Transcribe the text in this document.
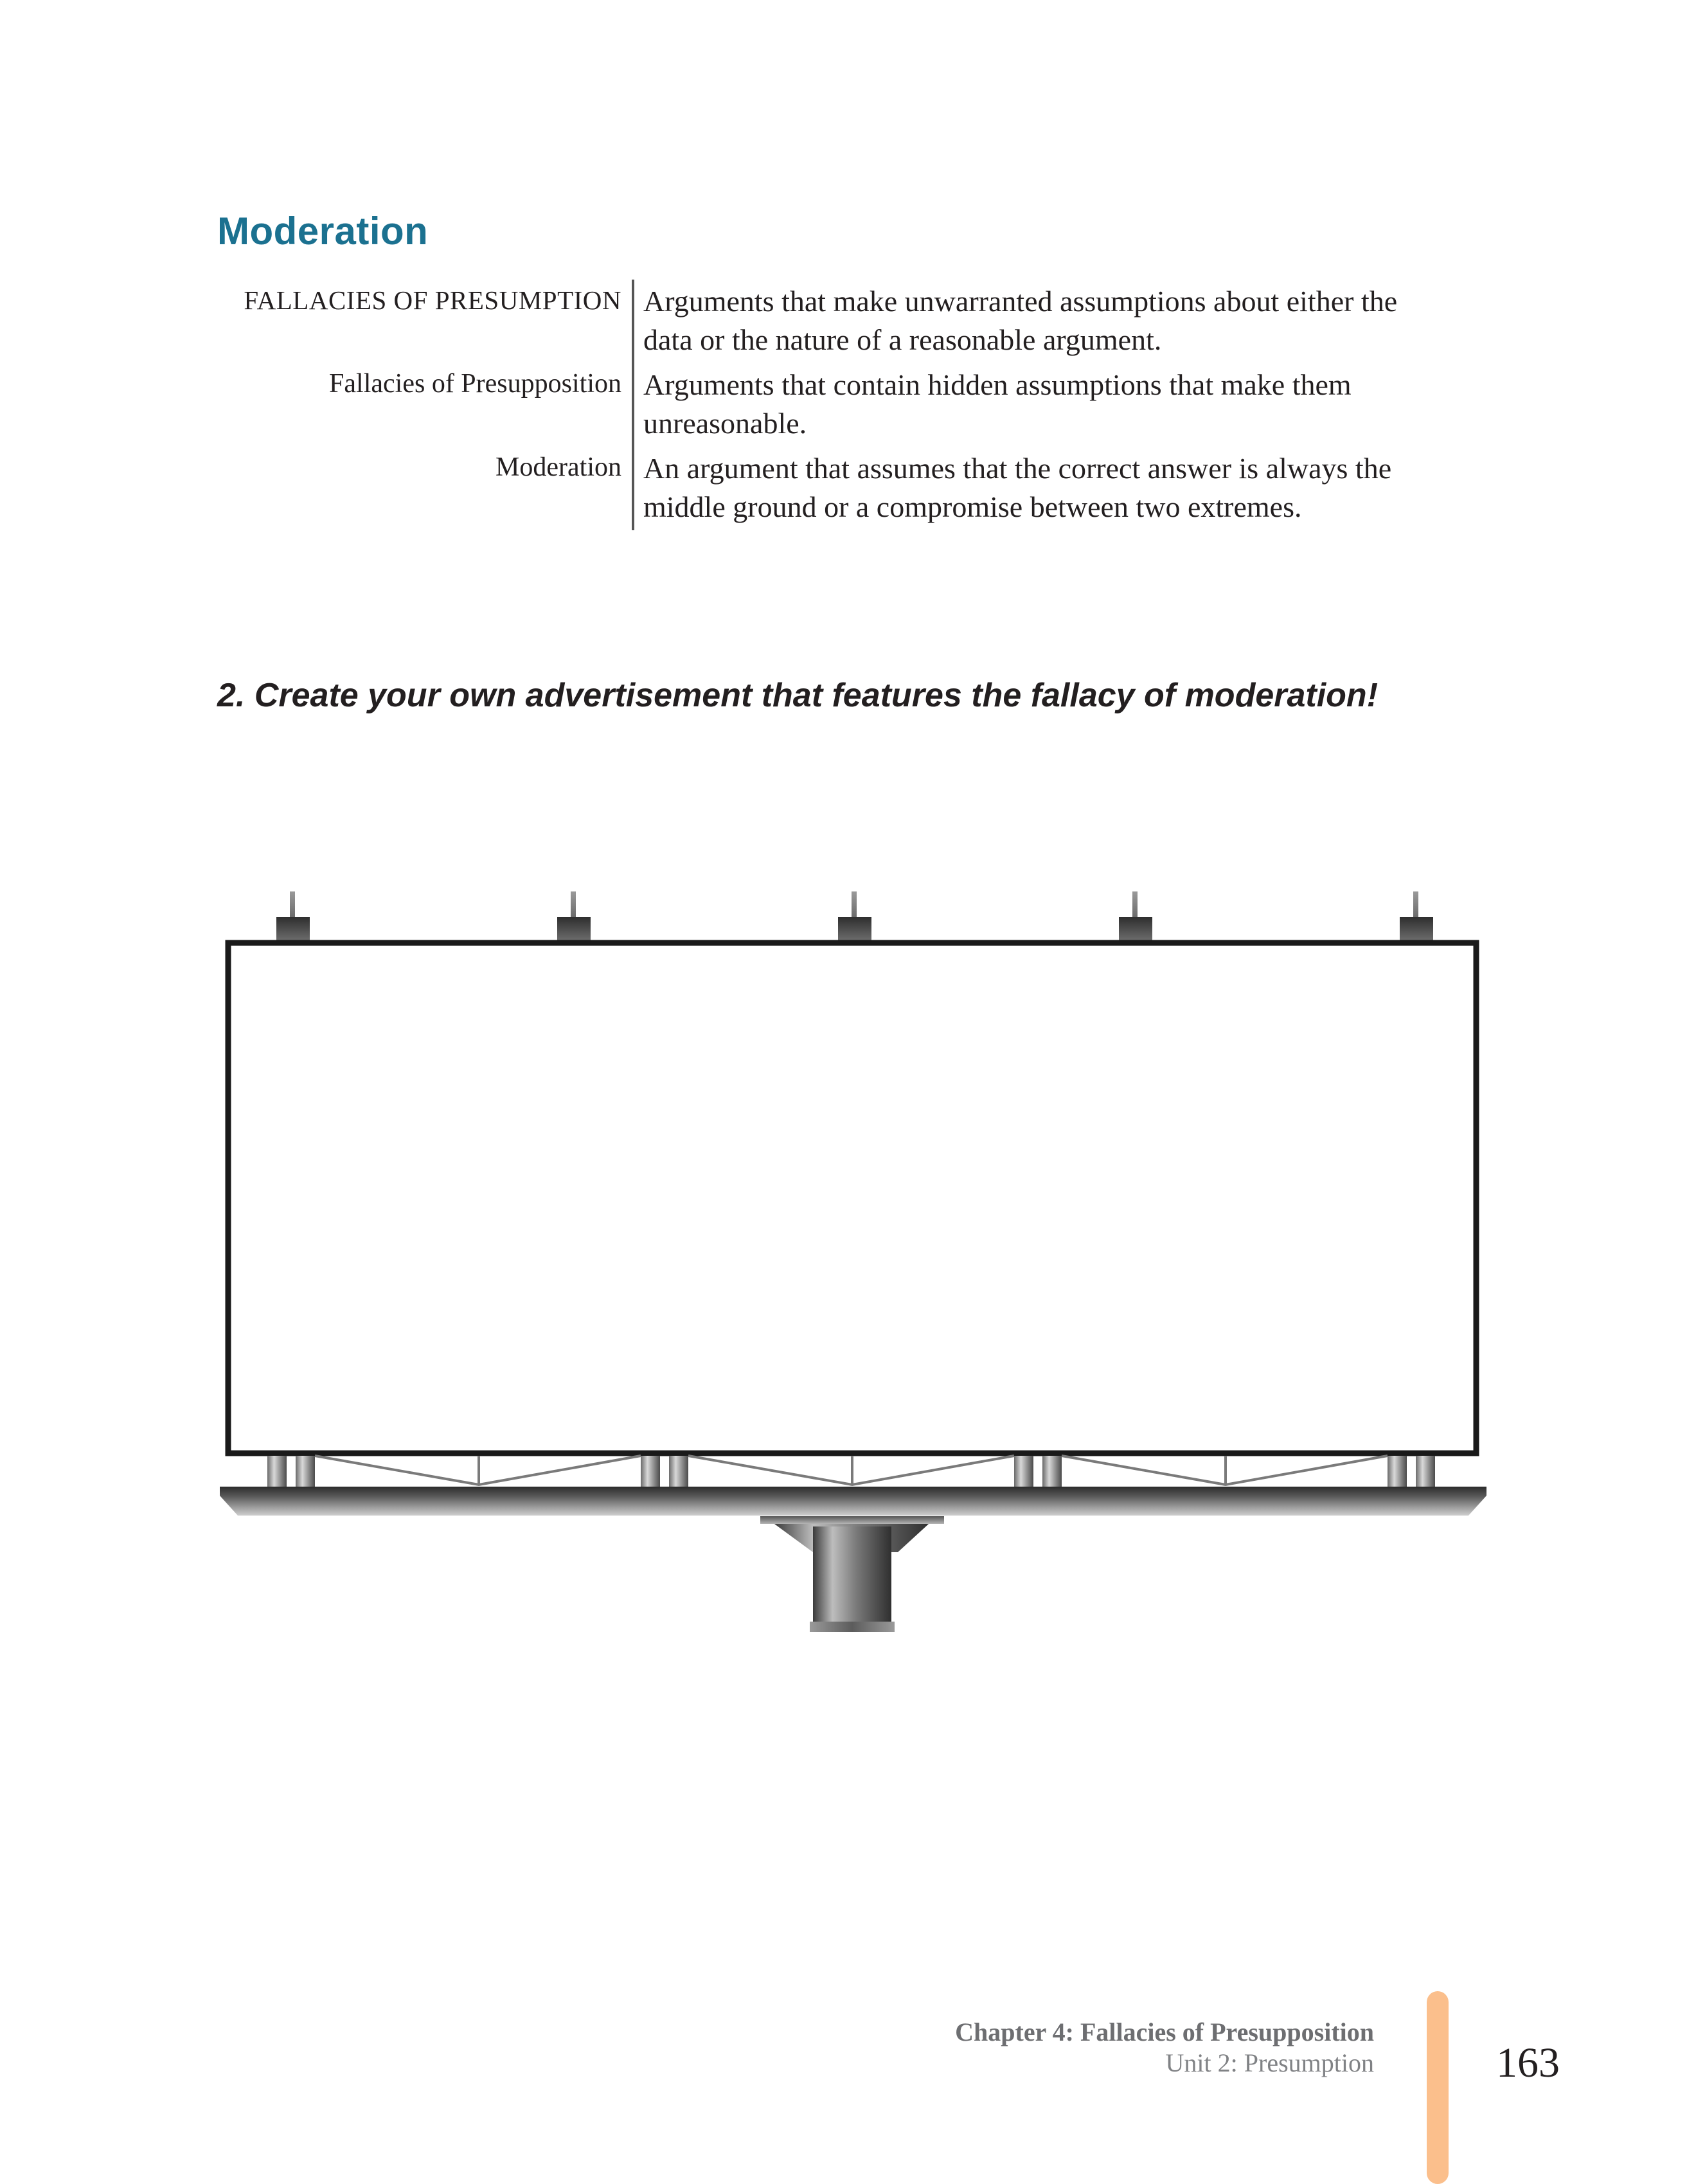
Moderation
FALLACIES OF PRESUMPTION Arguments that make unwarranted assumptions about either the data or the nature of a reasonable argument.
Fallacies of Presupposition Arguments that contain hidden assumptions that make them unreasonable.
Moderation An argument that assumes that the correct answer is always the middle ground or a compromise between two extremes.
2. Create your own advertisement that features the fallacy of moderation!
Chapter 4: Fallacies of Presupposition
Unit 2: Presumption	163
